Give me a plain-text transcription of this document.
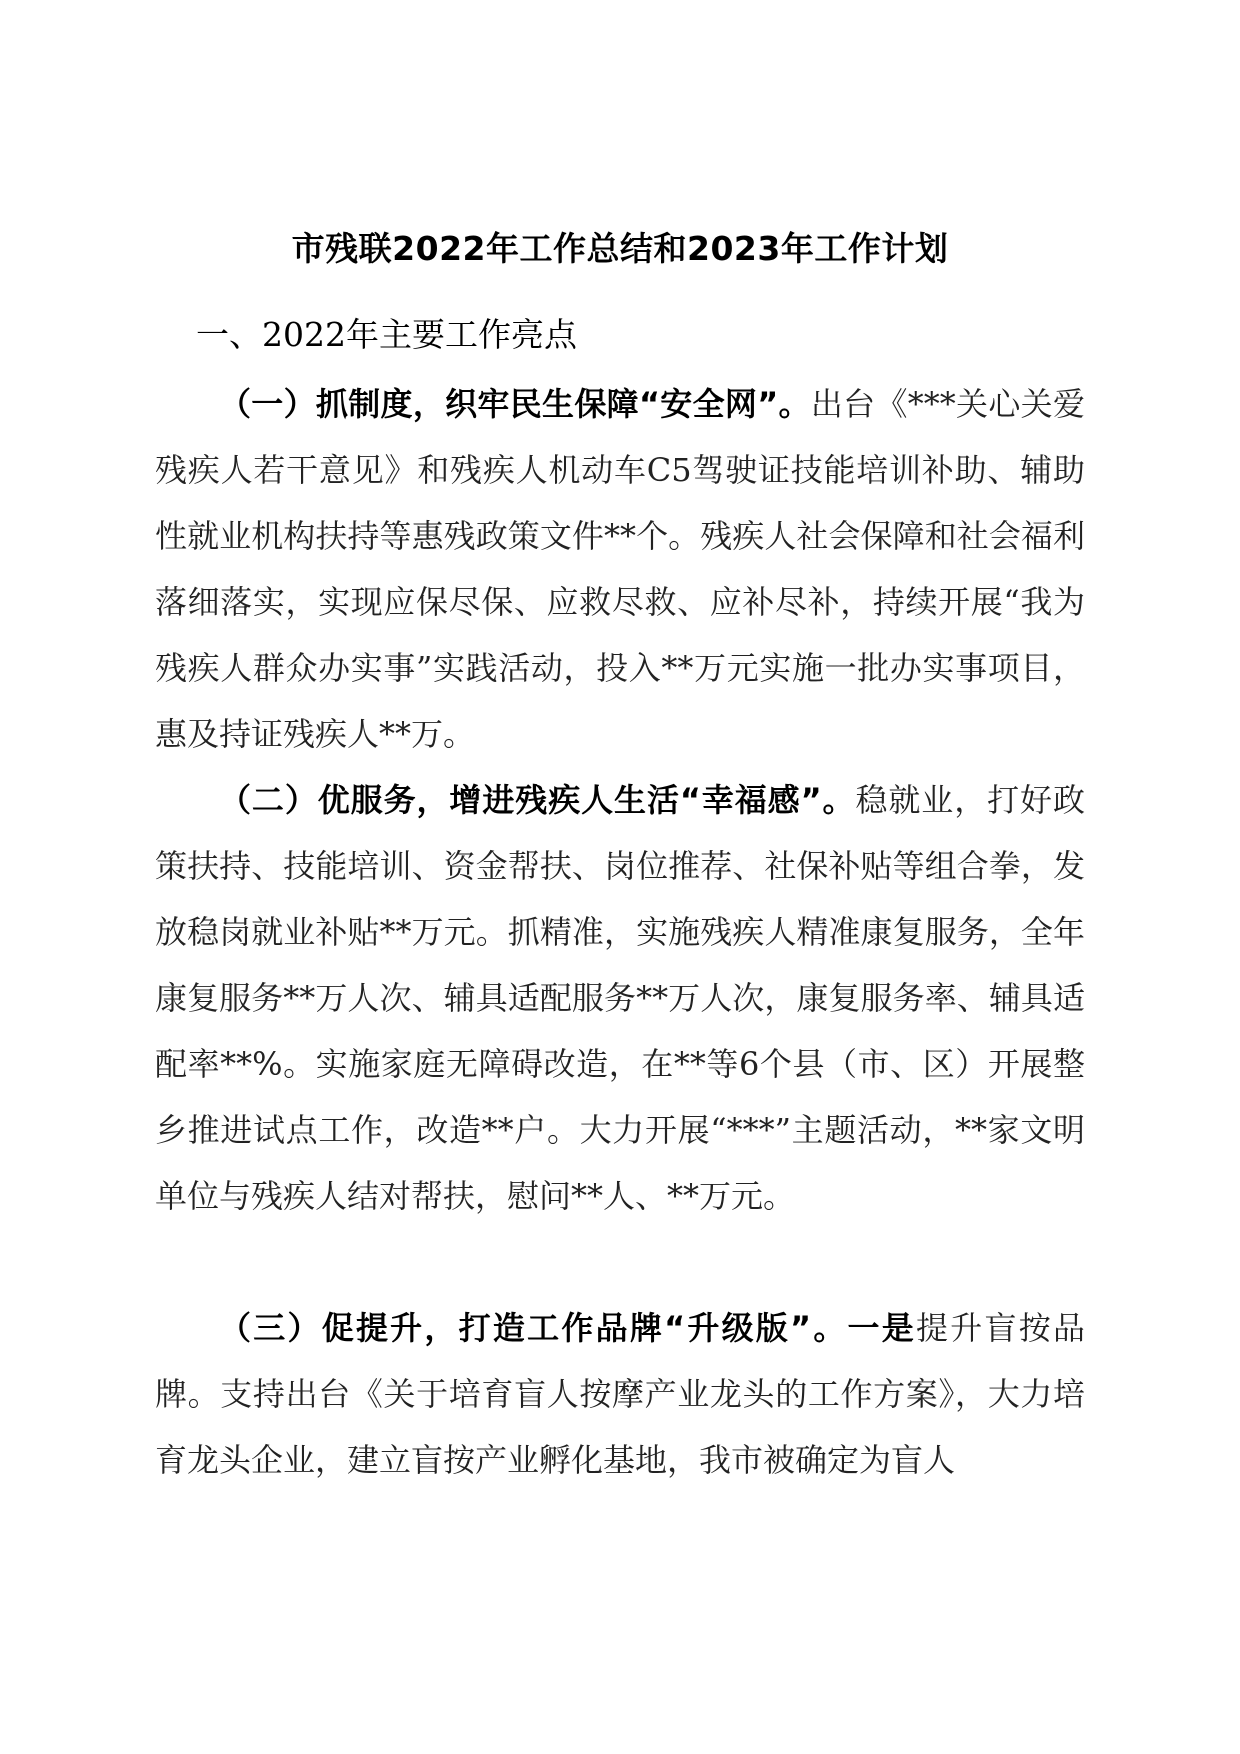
市残联2022年工作总结和2023年工作计划

一、2022年主要工作亮点

（一）抓制度，织牢民生保障“安全网”。出台《***关心关爱残疾人若干意见》和残疾人机动车C5驾驶证技能培训补助、辅助性就业机构扶持等惠残政策文件**个。残疾人社会保障和社会福利落细落实，实现应保尽保、应救尽救、应补尽补，持续开展“我为残疾人群众办实事”实践活动，投入**万元实施一批办实事项目，惠及持证残疾人**万。

（二）优服务，增进残疾人生活“幸福感”。稳就业，打好政策扶持、技能培训、资金帮扶、岗位推荐、社保补贴等组合拳，发放稳岗就业补贴**万元。抓精准，实施残疾人精准康复服务，全年康复服务**万人次、辅具适配服务**万人次，康复服务率、辅具适配率**%。实施家庭无障碍改造，在**等6个县（市、区）开展整乡推进试点工作，改造**户。大力开展“***”主题活动，**家文明单位与残疾人结对帮扶，慰问**人、**万元。

（三）促提升，打造工作品牌“升级版”。一是提升盲按品牌。支持出台《关于培育盲人按摩产业龙头的工作方案》，大力培育龙头企业，建立盲按产业孵化基地，我市被确定为盲人
